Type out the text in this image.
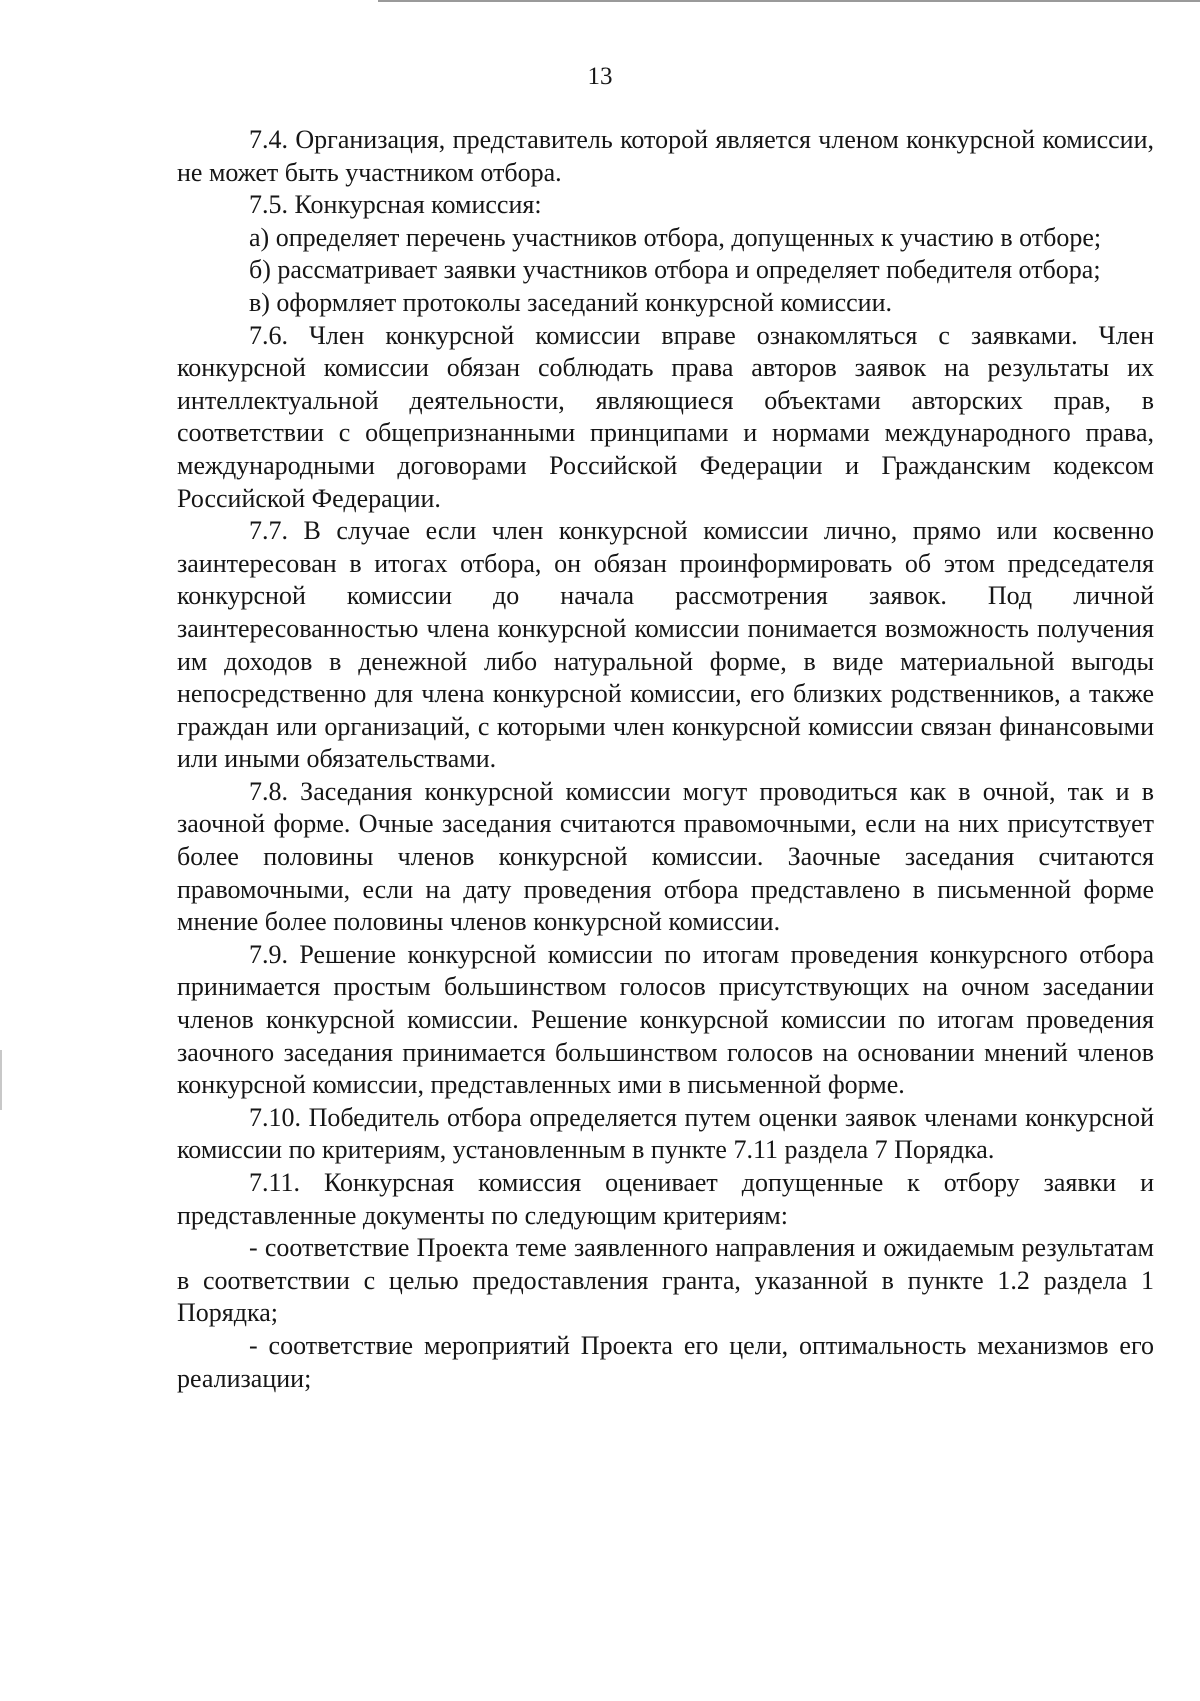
13

7.4. Организация, представитель которой является членом конкурсной комиссии, не может быть участником отбора.

7.5. Конкурсная комиссия:

а) определяет перечень участников отбора, допущенных к участию в отборе;

б) рассматривает заявки участников отбора и определяет победителя отбора;

в) оформляет протоколы заседаний конкурсной комиссии.

7.6. Член конкурсной комиссии вправе ознакомляться с заявками. Член конкурсной комиссии обязан соблюдать права авторов заявок на результаты их интеллектуальной деятельности, являющиеся объектами авторских прав, в соответствии с общепризнанными принципами и нормами международного права, международными договорами Российской Федерации и Гражданским кодексом Российской Федерации.

7.7. В случае если член конкурсной комиссии лично, прямо или косвенно заинтересован в итогах отбора, он обязан проинформировать об этом председателя конкурсной комиссии до начала рассмотрения заявок. Под личной заинтересованностью члена конкурсной комиссии понимается возможность получения им доходов в денежной либо натуральной форме, в виде материальной выгоды непосредственно для члена конкурсной комиссии, его близких родственников, а также граждан или организаций, с которыми член конкурсной комиссии связан финансовыми или иными обязательствами.

7.8. Заседания конкурсной комиссии могут проводиться как в очной, так и в заочной форме. Очные заседания считаются правомочными, если на них присутствует более половины членов конкурсной комиссии. Заочные заседания считаются правомочными, если на дату проведения отбора представлено в письменной форме мнение более половины членов конкурсной комиссии.

7.9. Решение конкурсной комиссии по итогам проведения конкурсного отбора принимается простым большинством голосов присутствующих на очном заседании членов конкурсной комиссии. Решение конкурсной комиссии по итогам проведения заочного заседания принимается большинством голосов на основании мнений членов конкурсной комиссии, представленных ими в письменной форме.

7.10. Победитель отбора определяется путем оценки заявок членами конкурсной комиссии по критериям, установленным в пункте 7.11 раздела 7 Порядка.

7.11. Конкурсная комиссия оценивает допущенные к отбору заявки и представленные документы по следующим критериям:

- соответствие Проекта теме заявленного направления и ожидаемым результатам в соответствии с целью предоставления гранта, указанной в пункте 1.2 раздела 1 Порядка;

- соответствие мероприятий Проекта его цели, оптимальность механизмов его реализации;
